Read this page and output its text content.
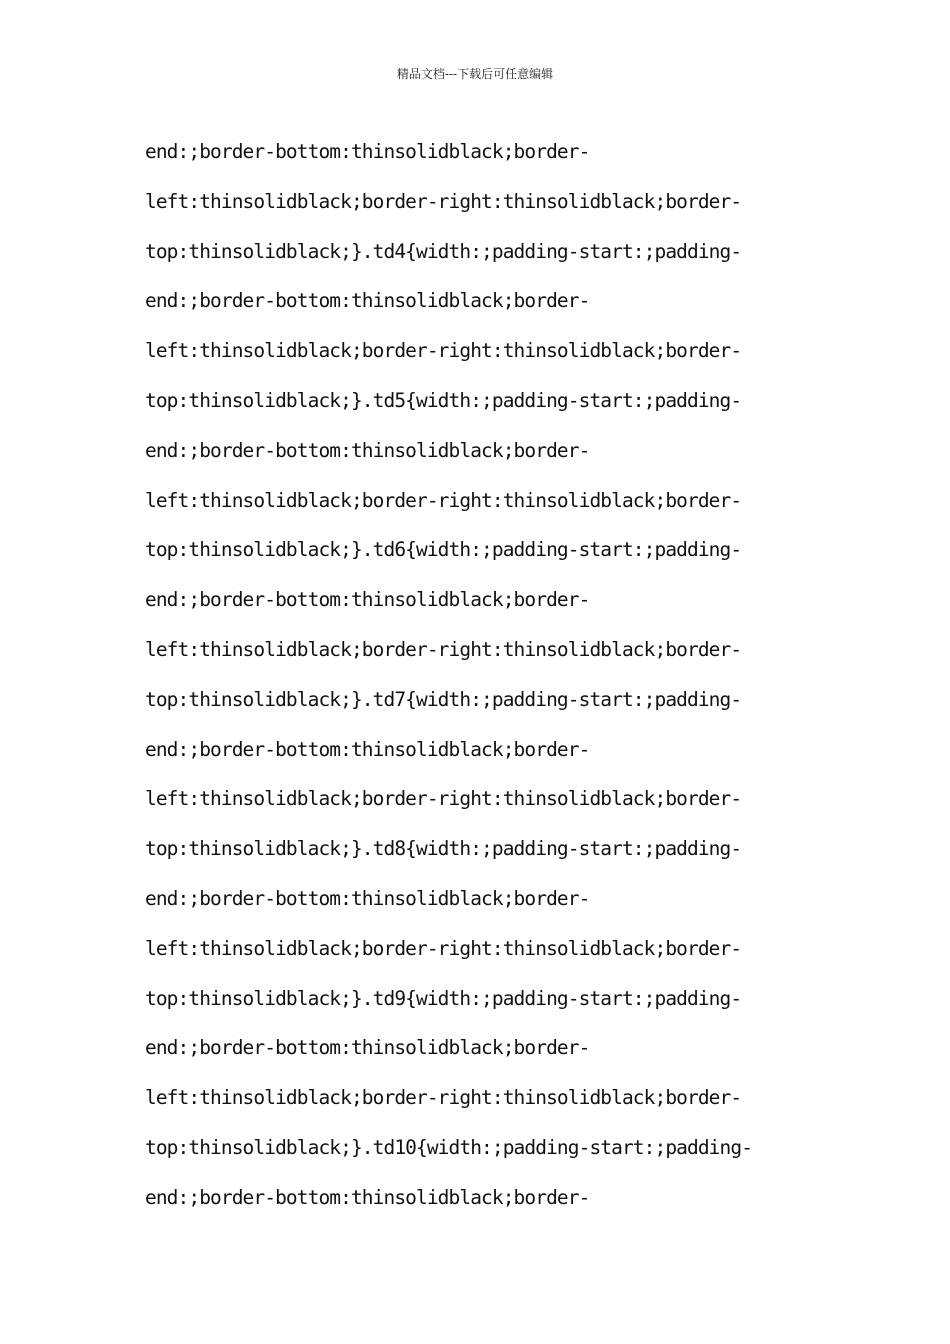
精品文档---下载后可任意编辑
end:;border-bottom:thinsolidblack;border-
left:thinsolidblack;border-right:thinsolidblack;border-
top:thinsolidblack;}.td4{width:;padding-start:;padding-
end:;border-bottom:thinsolidblack;border-
left:thinsolidblack;border-right:thinsolidblack;border-
top:thinsolidblack;}.td5{width:;padding-start:;padding-
end:;border-bottom:thinsolidblack;border-
left:thinsolidblack;border-right:thinsolidblack;border-
top:thinsolidblack;}.td6{width:;padding-start:;padding-
end:;border-bottom:thinsolidblack;border-
left:thinsolidblack;border-right:thinsolidblack;border-
top:thinsolidblack;}.td7{width:;padding-start:;padding-
end:;border-bottom:thinsolidblack;border-
left:thinsolidblack;border-right:thinsolidblack;border-
top:thinsolidblack;}.td8{width:;padding-start:;padding-
end:;border-bottom:thinsolidblack;border-
left:thinsolidblack;border-right:thinsolidblack;border-
top:thinsolidblack;}.td9{width:;padding-start:;padding-
end:;border-bottom:thinsolidblack;border-
left:thinsolidblack;border-right:thinsolidblack;border-
top:thinsolidblack;}.td10{width:;padding-start:;padding-
end:;border-bottom:thinsolidblack;border-
